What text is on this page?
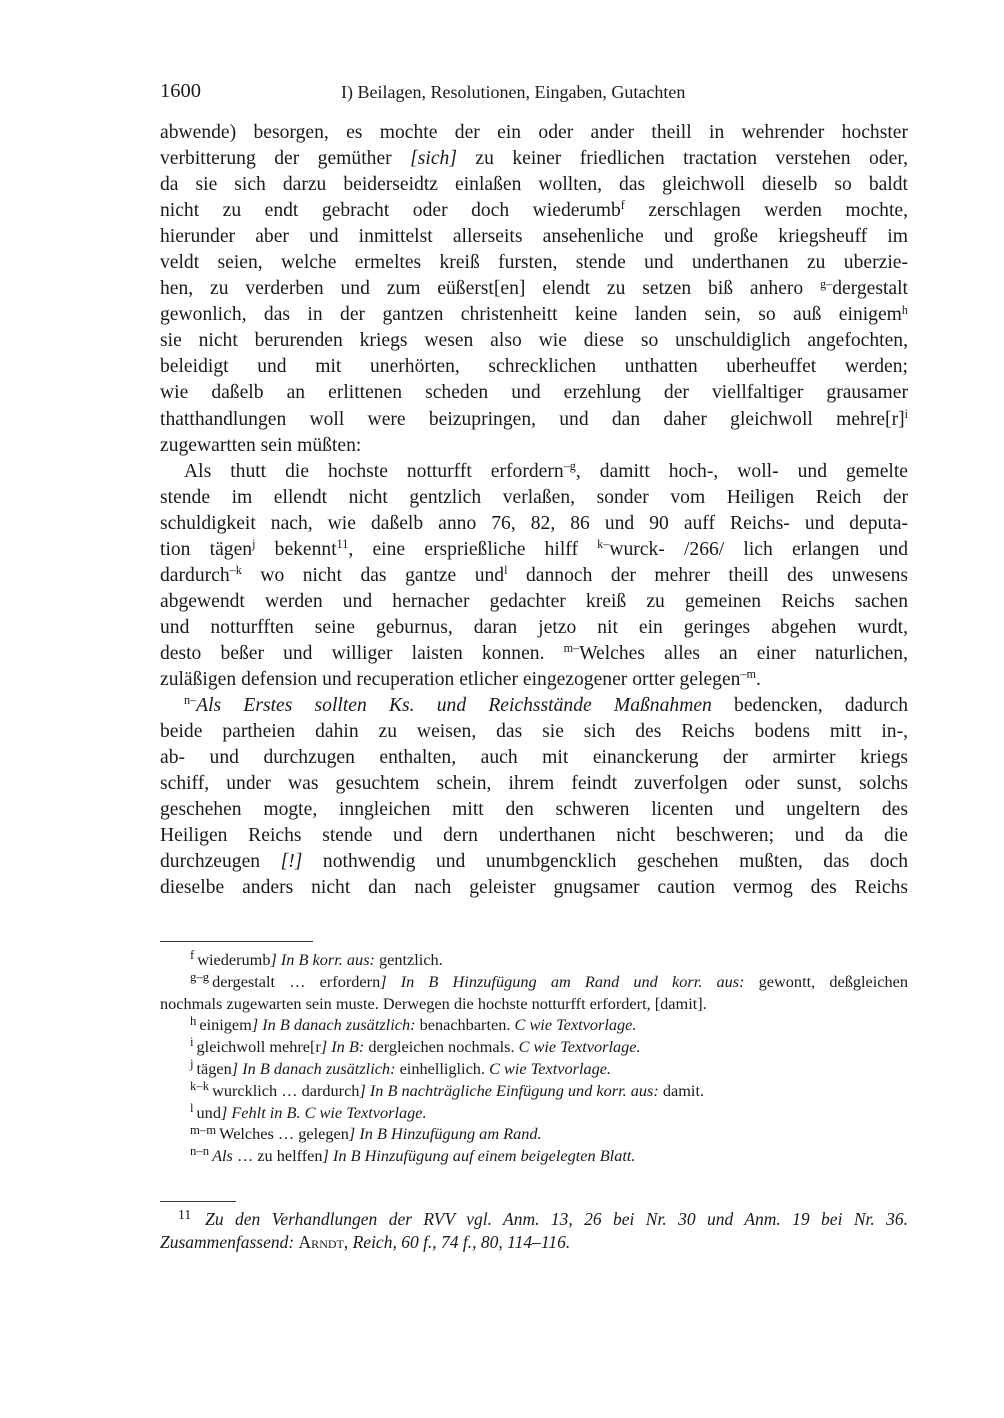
1600	I) Beilagen, Resolutionen, Eingaben, Gutachten
abwende) besorgen, es mochte der ein oder ander theill in wehrender hochster
verbitterung der gemüther [sich] zu keiner friedlichen tractation verstehen oder,
da sie sich darzu beiderseidtz einlaßen wollten, das gleichwoll dieselb so baldt
nicht zu endt gebracht oder doch wiederumb$^f$ zerschlagen werden mochte,
hierunder aber und inmittelst allerseits ansehenliche und große kriegsheuff im
veldt seien, welche ermeltes kreiß fursten, stende und underthanen zu uberzie-
hen, zu verderben und zum eüßerst[en] elendt zu setzen biß anhero $^{g-}$dergestalt
gewonlich, das in der gantzen christenheitt keine landen sein, so auß einigem$^h$
sie nicht berurenden kriegs wesen also wie diese so unschuldiglich angefochten,
beleidigt und mit unerhörten, schrecklichen unthatten uberheuffet werden;
wie daßelb an erlittenen scheden und erzehlung der viellfaltiger grausamer
thatthandlungen woll were beizupringen, und dan daher gleichwoll $mehre[r]^i$
zugewartten sein müßten:
Als thutt die hochste notturfft erfordern$^{-g}$, damitt hoch-, woll- und gemelte
stende im ellendt nicht gentzlich verlaßen, sonder vom Heiligen Reich der
schuldigkeit nach, wie daßelb anno 76, 82, 86 und 90 auff Reichs- und deputa-
tion tägen$^j$ bekennt$^{11}$, eine ersprießliche hilff $^{k-}$wurck- /266/ lich erlangen und
dardurch$^{-k}$ wo nicht das gantze und$^l$ dannoch der mehrer theill des unwesens
abgewendt werden und hernacher gedachter kreiß zu gemeinen Reichs sachen
und notturfften seine geburnus, daran jetzo nit ein geringes abgehen wurdt,
desto beßer und williger laisten konnen. $^{m-}$Welches alles an einer naturlichen,
zuläßigen defension und recuperation etlicher eingezogener ortter gelegen$^{-m}$.
$^{n-}$Als Erstes sollten Ks. und Reichsstände Maßnahmen bedencken, dadurch
beide partheien dahin zu weisen, das sie sich des Reichs bodens mitt in-,
ab- und durchzugen enthalten, auch mit einanckerung der armirter kriegs
schiff, under was gesuchtem schein, ihrem feindt zuverfolgen oder sunst, solchs
geschehen mogte, inngleichen mitt den schweren licenten und ungeltern des
Heiligen Reichs stende und dern underthanen nicht beschweren; und da die
durchzeugen [!] nothwendig und unumbgencklich geschehen mußten, das doch
dieselbe anders nicht dan nach geleister gnugsamer caution vermog des Reichs
$^f$ wiederumb] In B korr. aus: gentzlich.
$^{g-g}$ dergestalt … erfordern] In B Hinzufügung am Rand und korr. aus: gewontt, deßgleichen
nochmals zugewarten sein muste. Derwegen die hochste notturfft erfordert, [damit].
$^h$ einigem] In B danach zusätzlich: benachbarten. C wie Textvorlage.
$^i$ gleichwoll mehre[r] In B: dergleichen nochmals. C wie Textvorlage.
$^j$ tägen] In B danach zusätzlich: einhelliglich. C wie Textvorlage.
$^{k-k}$ wurcklich … dardurch] In B nachträgliche Einfügung und korr. aus: damit.
$^l$ und] Fehlt in B. C wie Textvorlage.
$^{m-m}$ Welches … gelegen] In B Hinzufügung am Rand.
$^{n-n}$ Als … zu helffen] In B Hinzufügung auf einem beigelegten Blatt.
$^{11}$ Zu den Verhandlungen der RVV vgl. Anm. 13, 26 bei Nr. 30 und Anm. 19 bei Nr. 36.
Zusammenfassend: Arndt, Reich, 60 f., 74 f., 80, 114–116.
